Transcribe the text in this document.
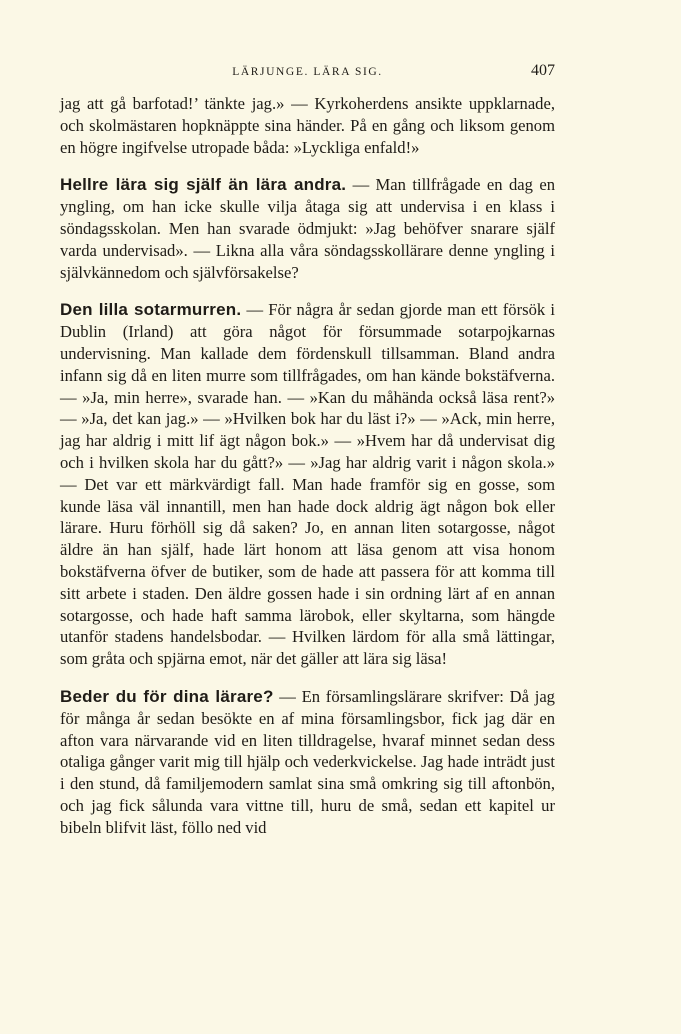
LÄRJUNGE. LÄRA SIG.	407

jag att gå barfotad!’ tänkte jag.» — Kyrkoherdens ansikte uppklarnade, och skolmästaren hopknäppte sina händer. På en gång och liksom genom en högre ingifvelse utropade båda: »Lyckliga enfald!»

Hellre lära sig själf än lära andra. — Man tillfrågade en dag en yngling, om han icke skulle vilja åtaga sig att undervisa i en klass i söndagsskolan. Men han svarade ödmjukt: »Jag behöfver snarare själf varda undervisad». — Likna alla våra söndagsskollärare denne yngling i självkännedom och självförsakelse?

Den lilla sotarmurren. — För några år sedan gjorde man ett försök i Dublin (Irland) att göra något för försummade sotarpojkarnas undervisning. Man kallade dem fördenskull tillsamman. Bland andra infann sig då en liten murre som tillfrågades, om han kände bokstäfverna. — »Ja, min herre», svarade han. — »Kan du måhända också läsa rent?» — »Ja, det kan jag.» — »Hvilken bok har du läst i?» — »Ack, min herre, jag har aldrig i mitt lif ägt någon bok.» — »Hvem har då undervisat dig och i hvilken skola har du gått?» — »Jag har aldrig varit i någon skola.» — Det var ett märkvärdigt fall. Man hade framför sig en gosse, som kunde läsa väl innantill, men han hade dock aldrig ägt någon bok eller lärare. Huru förhöll sig då saken? Jo, en annan liten sotargosse, något äldre än han själf, hade lärt honom att läsa genom att visa honom bokstäfverna öfver de butiker, som de hade att passera för att komma till sitt arbete i staden. Den äldre gossen hade i sin ordning lärt af en annan sotargosse, och hade haft samma lärobok, eller skyltarna, som hängde utanför stadens handelsbodar. — Hvilken lärdom för alla små lättingar, som gråta och spjärna emot, när det gäller att lära sig läsa!

Beder du för dina lärare? — En församlingslärare skrifver: Då jag för många år sedan besökte en af mina församlingsbor, fick jag där en afton vara närvarande vid en liten tilldragelse, hvaraf minnet sedan dess otaliga gånger varit mig till hjälp och vederkvickelse. Jag hade inträdt just i den stund, då familjemodern samlat sina små omkring sig till aftonbön, och jag fick sålunda vara vittne till, huru de små, sedan ett kapitel ur bibeln blifvit läst, föllo ned vid
